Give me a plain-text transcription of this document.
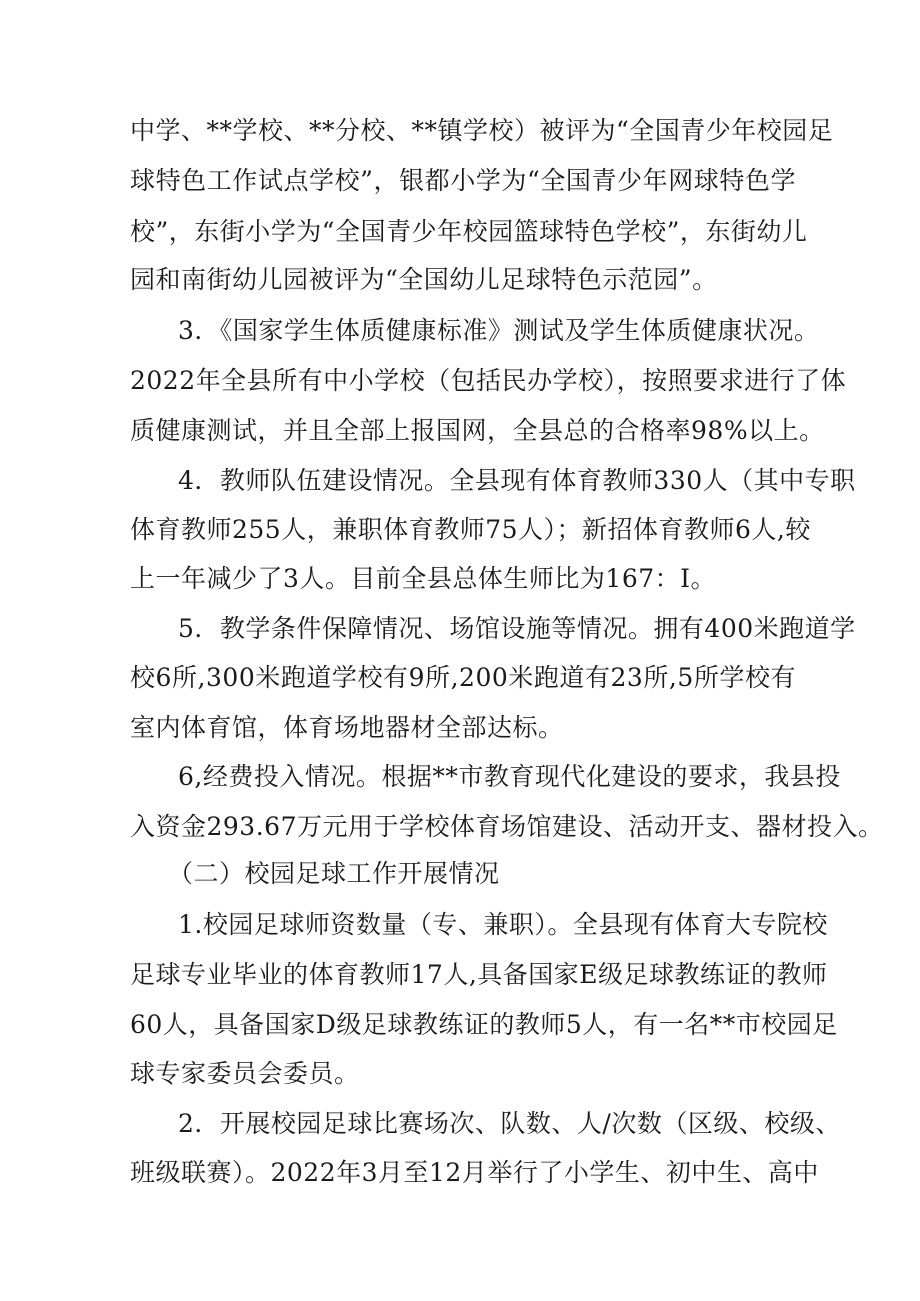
中学、**学校、**分校、**镇学校）被评为“全国青少年校园足

球特色工作试点学校”，银都小学为“全国青少年网球特色学

校”，东街小学为“全国青少年校园篮球特色学校”，东街幼儿

园和南街幼儿园被评为“全国幼儿足球特色示范园”。

3．《国家学生体质健康标准》测试及学生体质健康状况。

2022年全县所有中小学校（包括民办学校），按照要求进行了体

质健康测试，并且全部上报国网，全县总的合格率98%以上。

4．教师队伍建设情况。全县现有体育教师330人（其中专职

体育教师255人，兼职体育教师75人）；新招体育教师6人,较

上一年减少了3人。目前全县总体生师比为167：I。

5．教学条件保障情况、场馆设施等情况。拥有400米跑道学

校6所,300米跑道学校有9所,200米跑道有23所,5所学校有

室内体育馆，体育场地器材全部达标。

6,经费投入情况。根据**市教育现代化建设的要求，我县投

入资金293.67万元用于学校体育场馆建设、活动开支、器材投入。

（二）校园足球工作开展情况

1.校园足球师资数量（专、兼职）。全县现有体育大专院校

足球专业毕业的体育教师17人,具备国家E级足球教练证的教师

60人，具备国家D级足球教练证的教师5人，有一名**市校园足

球专家委员会委员。

2．开展校园足球比赛场次、队数、人/次数（区级、校级、

班级联赛）。2022年3月至12月举行了小学生、初中生、高中
